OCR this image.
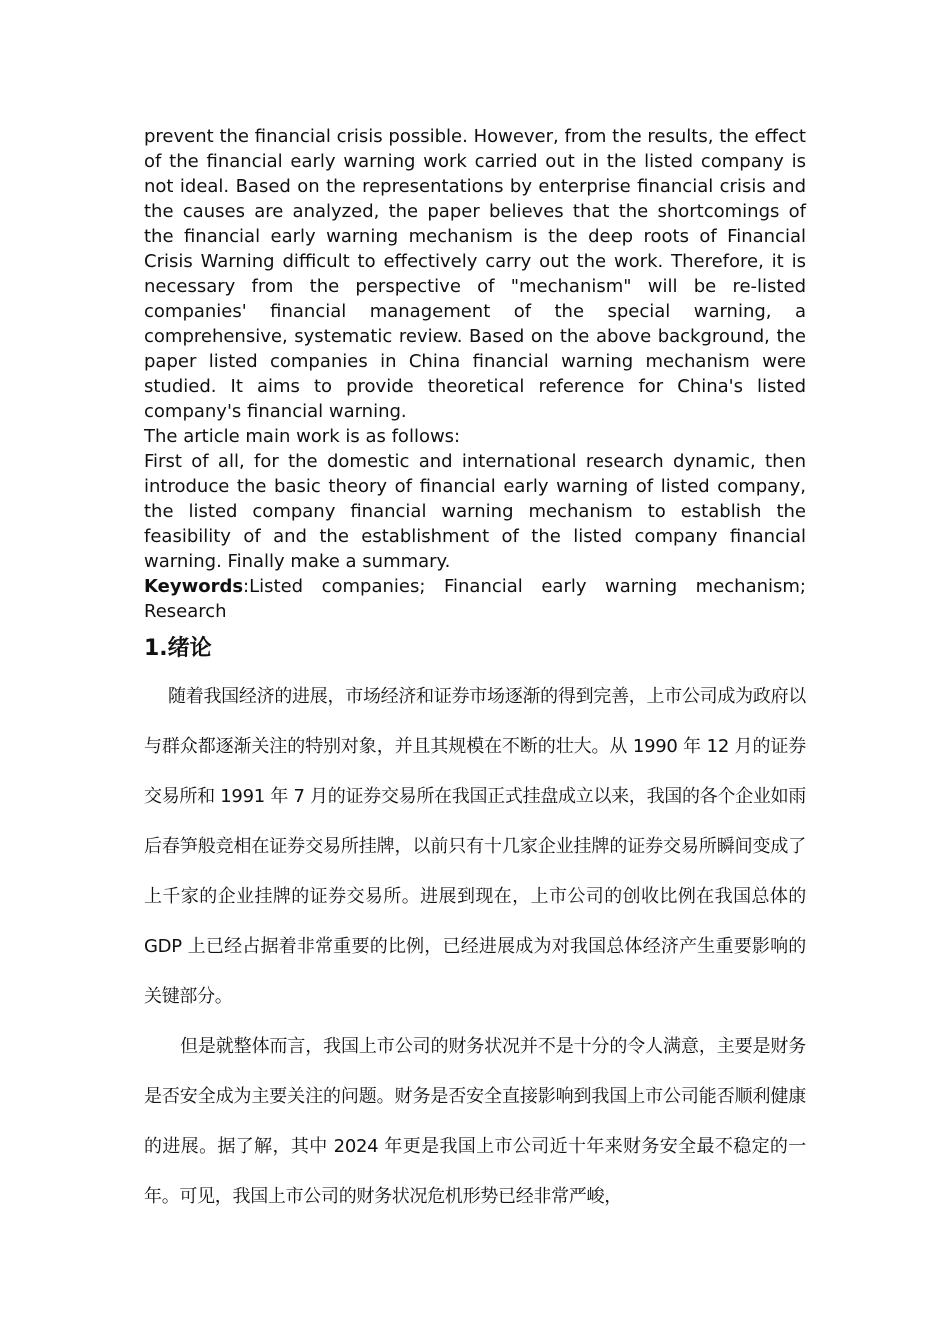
prevent the financial crisis possible. However, from the results, the effect of the financial early warning work carried out in the listed company is not ideal. Based on the representations by enterprise financial crisis and the causes are analyzed, the paper believes that the shortcomings of the financial early warning mechanism is the deep roots of Financial Crisis Warning difficult to effectively carry out the work. Therefore, it is necessary from the perspective of "mechanism" will be re-listed companies' financial management of the special warning, a comprehensive, systematic review. Based on the above background, the paper listed companies in China financial warning mechanism were studied. It aims to provide theoretical reference for China's listed company's financial warning.

The article main work is as follows:

First of all, for the domestic and international research dynamic, then introduce the basic theory of financial early warning of listed company, the listed company financial warning mechanism to establish the feasibility of and the establishment of the listed company financial warning. Finally make a summary.

Keywords:Listed companies; Financial early warning mechanism; Research

1.绪论

随着我国经济的进展，市场经济和证券市场逐渐的得到完善，上市公司成为政府以与群众都逐渐关注的特别对象，并且其规模在不断的壮大。从 1990 年 12 月的证券交易所和 1991 年 7 月的证券交易所在我国正式挂盘成立以来，我国的各个企业如雨后春笋般竞相在证券交易所挂牌，以前只有十几家企业挂牌的证券交易所瞬间变成了上千家的企业挂牌的证券交易所。进展到现在，上市公司的创收比例在我国总体的 GDP 上已经占据着非常重要的比例，已经进展成为对我国总体经济产生重要影响的关键部分。

但是就整体而言，我国上市公司的财务状况并不是十分的令人满意，主要是财务是否安全成为主要关注的问题。财务是否安全直接影响到我国上市公司能否顺利健康的进展。据了解，其中 2024 年更是我国上市公司近十年来财务安全最不稳定的一年。可见，我国上市公司的财务状况危机形势已经非常严峻，
